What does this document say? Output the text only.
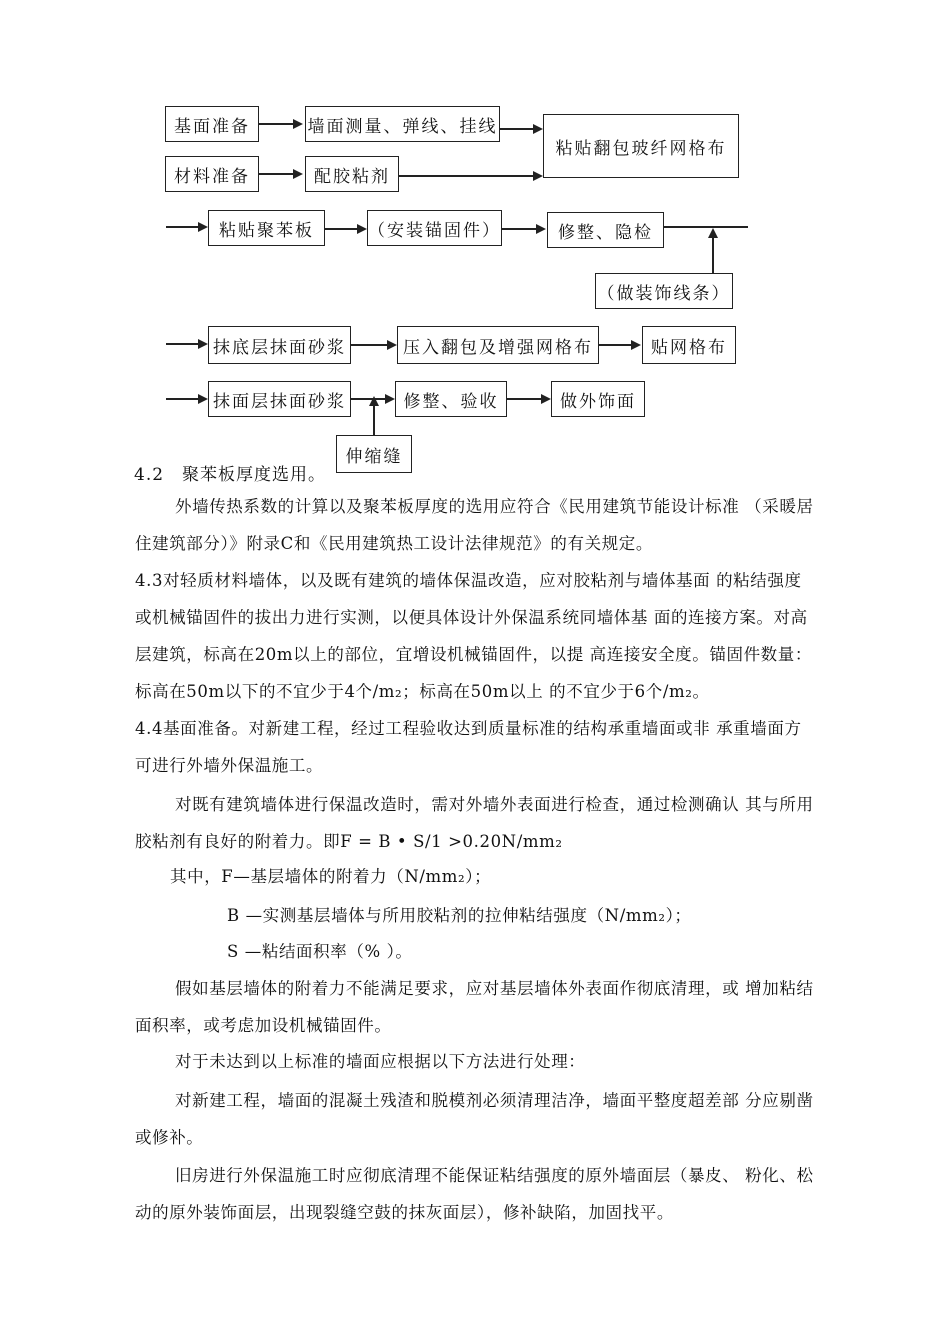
基面准备	墙面测量、弹线、挂线
材料准备	配胶粘剂
粘贴翻包玻纤网格布
粘贴聚苯板	（安装锚固件）	修整、隐检
（做装饰线条）
抹底层抹面砂浆	压入翻包及增强网格布	贴网格布
抹面层抹面砂浆	修整、验收	做外饰面
伸缩缝
4.2　聚苯板厚度选用。
外墙传热系数的计算以及聚苯板厚度的选用应符合《民用建筑节能设计标准 （采暖居
住建筑部分）》附录C和《民用建筑热工设计法律规范》的有关规定。
4.3对轻质材料墙体，以及既有建筑的墙体保温改造，应对胶粘剂与墙体基面 的粘结强度
或机械锚固件的拔出力进行实测，以便具体设计外保温系统同墙体基 面的连接方案。对高
层建筑，标高在20m以上的部位，宜增设机械锚固件，以提 高连接安全度。锚固件数量：
标高在50m以下的不宜少于4个/m₂；标高在50m以上 的不宜少于6个/m₂。
4.4基面准备。对新建工程，经过工程验收达到质量标准的结构承重墙面或非 承重墙面方
可进行外墙外保温施工。
对既有建筑墙体进行保温改造时，需对外墙外表面进行检查，通过检测确认 其与所用
胶粘剂有良好的附着力。即F = B • S/1 >0.20N/mm₂
其中，F—基层墙体的附着力（N/mm₂）；
B —实测基层墙体与所用胶粘剂的拉伸粘结强度（N/mm₂）；
S —粘结面积率（% ）。
假如基层墙体的附着力不能满足要求，应对基层墙体外表面作彻底清理，或 增加粘结
面积率，或考虑加设机械锚固件。
对于未达到以上标准的墙面应根据以下方法进行处理：
对新建工程，墙面的混凝土残渣和脱模剂必须清理洁净，墙面平整度超差部 分应剔凿
或修补。
旧房进行外保温施工时应彻底清理不能保证粘结强度的原外墙面层（暴皮、 粉化、松
动的原外装饰面层，出现裂缝空鼓的抹灰面层），修补缺陷，加固找平。
